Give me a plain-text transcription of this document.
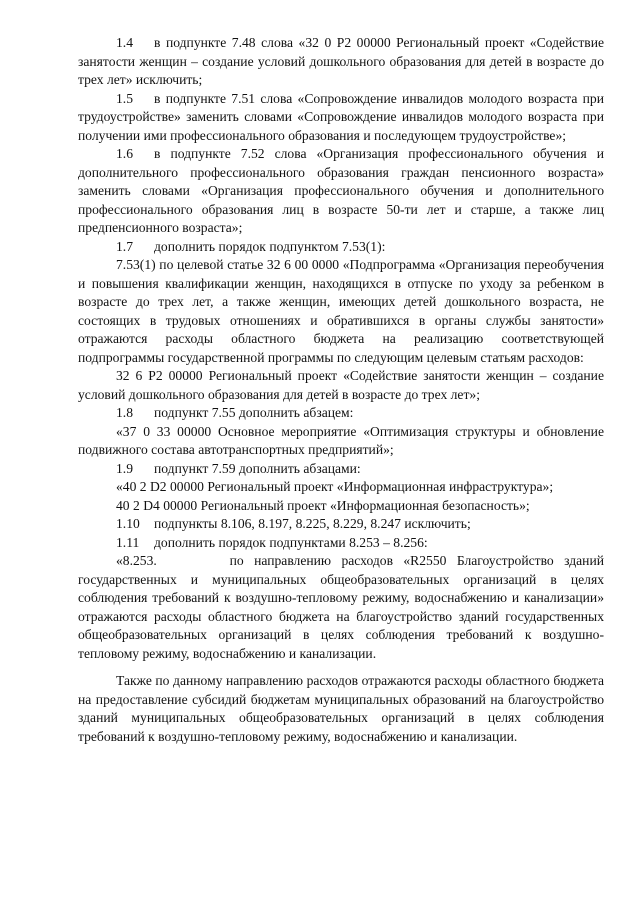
1.4 в подпункте 7.48 слова «32 0 P2 00000 Региональный проект «Содействие занятости женщин – создание условий дошкольного образования для детей в возрасте до трех лет» исключить;

1.5 в подпункте 7.51 слова «Сопровождение инвалидов молодого возраста при трудоустройстве» заменить словами «Сопровождение инвалидов молодого возраста при получении ими профессионального образования и последующем трудоустройстве»;

1.6 в подпункте 7.52 слова «Организация профессионального обучения и дополнительного профессионального образования граждан пенсионного возраста» заменить словами «Организация профессионального обучения и дополнительного профессионального образования лиц в возрасте 50-ти лет и старше, а также лиц предпенсионного возраста»;

1.7 дополнить порядок подпунктом 7.53(1):

7.53(1) по целевой статье 32 6 00 0000 «Подпрограмма «Организация переобучения и повышения квалификации женщин, находящихся в отпуске по уходу за ребенком в возрасте до трех лет, а также женщин, имеющих детей дошкольного возраста, не состоящих в трудовых отношениях и обратившихся в органы службы занятости» отражаются расходы областного бюджета на реализацию соответствующей подпрограммы государственной программы по следующим целевым статьям расходов:

32 6 P2 00000 Региональный проект «Содействие занятости женщин – создание условий дошкольного образования для детей в возрасте до трех лет»;

1.8 подпункт 7.55 дополнить абзацем:

«37 0 33 00000 Основное мероприятие «Оптимизация структуры и обновление подвижного состава автотранспортных предприятий»;

1.9 подпункт 7.59 дополнить абзацами:

«40 2 D2 00000 Региональный проект «Информационная инфраструктура»;

40 2 D4 00000 Региональный проект «Информационная безопасность»;

1.10 подпункты 8.106, 8.197, 8.225, 8.229, 8.247 исключить;

1.11 дополнить порядок подпунктами 8.253 – 8.256:

«8.253.	по направлению расходов «R2550 Благоустройство зданий государственных и муниципальных общеобразовательных организаций в целях соблюдения требований к воздушно-тепловому режиму, водоснабжению и канализации» отражаются расходы областного бюджета на благоустройство зданий государственных общеобразовательных организаций в целях соблюдения требований к воздушно-тепловому режиму, водоснабжению и канализации.

Также по данному направлению расходов отражаются расходы областного бюджета на предоставление субсидий бюджетам муниципальных образований на благоустройство зданий муниципальных общеобразовательных организаций в целях соблюдения требований к воздушно-тепловому режиму, водоснабжению и канализации.
